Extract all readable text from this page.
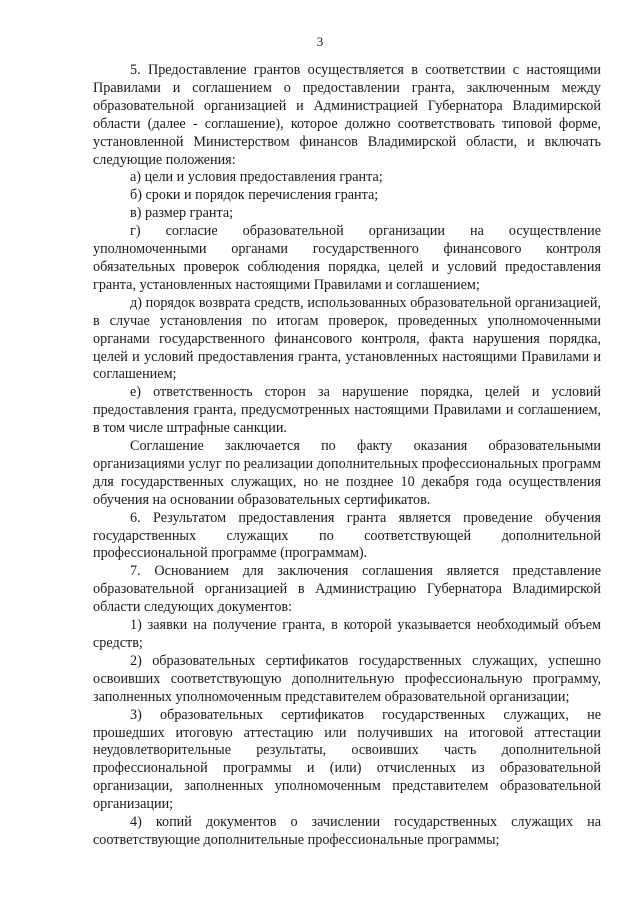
3

5. Предоставление грантов осуществляется в соответствии с настоящими Правилами и соглашением о предоставлении гранта, заключенным между образовательной организацией и Администрацией Губернатора Владимирской области (далее - соглашение), которое должно соответствовать типовой форме, установленной Министерством финансов Владимирской области, и включать следующие положения:

а) цели и условия предоставления гранта;

б) сроки и порядок перечисления гранта;

в) размер гранта;

г) согласие образовательной организации на осуществление уполномоченными органами государственного финансового контроля обязательных проверок соблюдения порядка, целей и условий предоставления гранта, установленных настоящими Правилами и соглашением;

д) порядок возврата средств, использованных образовательной организацией, в случае установления по итогам проверок, проведенных уполномоченными органами государственного финансового контроля, факта нарушения порядка, целей и условий предоставления гранта, установленных настоящими Правилами и соглашением;

е) ответственность сторон за нарушение порядка, целей и условий предоставления гранта, предусмотренных настоящими Правилами и соглашением, в том числе штрафные санкции.

Соглашение заключается по факту оказания образовательными организациями услуг по реализации дополнительных профессиональных программ для государственных служащих, но не позднее 10 декабря года осуществления обучения на основании образовательных сертификатов.

6. Результатом предоставления гранта является проведение обучения государственных служащих по соответствующей дополнительной профессиональной программе (программам).

7. Основанием для заключения соглашения является представление образовательной организацией в Администрацию Губернатора Владимирской области следующих документов:

1) заявки на получение гранта, в которой указывается необходимый объем средств;

2) образовательных сертификатов государственных служащих, успешно освоивших соответствующую дополнительную профессиональную программу, заполненных уполномоченным представителем образовательной организации;

3) образовательных сертификатов государственных служащих, не прошедших итоговую аттестацию или получивших на итоговой аттестации неудовлетворительные результаты, освоивших часть дополнительной профессиональной программы и (или) отчисленных из образовательной организации, заполненных уполномоченным представителем образовательной организации;

4) копий документов о зачислении государственных служащих на соответствующие дополнительные профессиональные программы;
